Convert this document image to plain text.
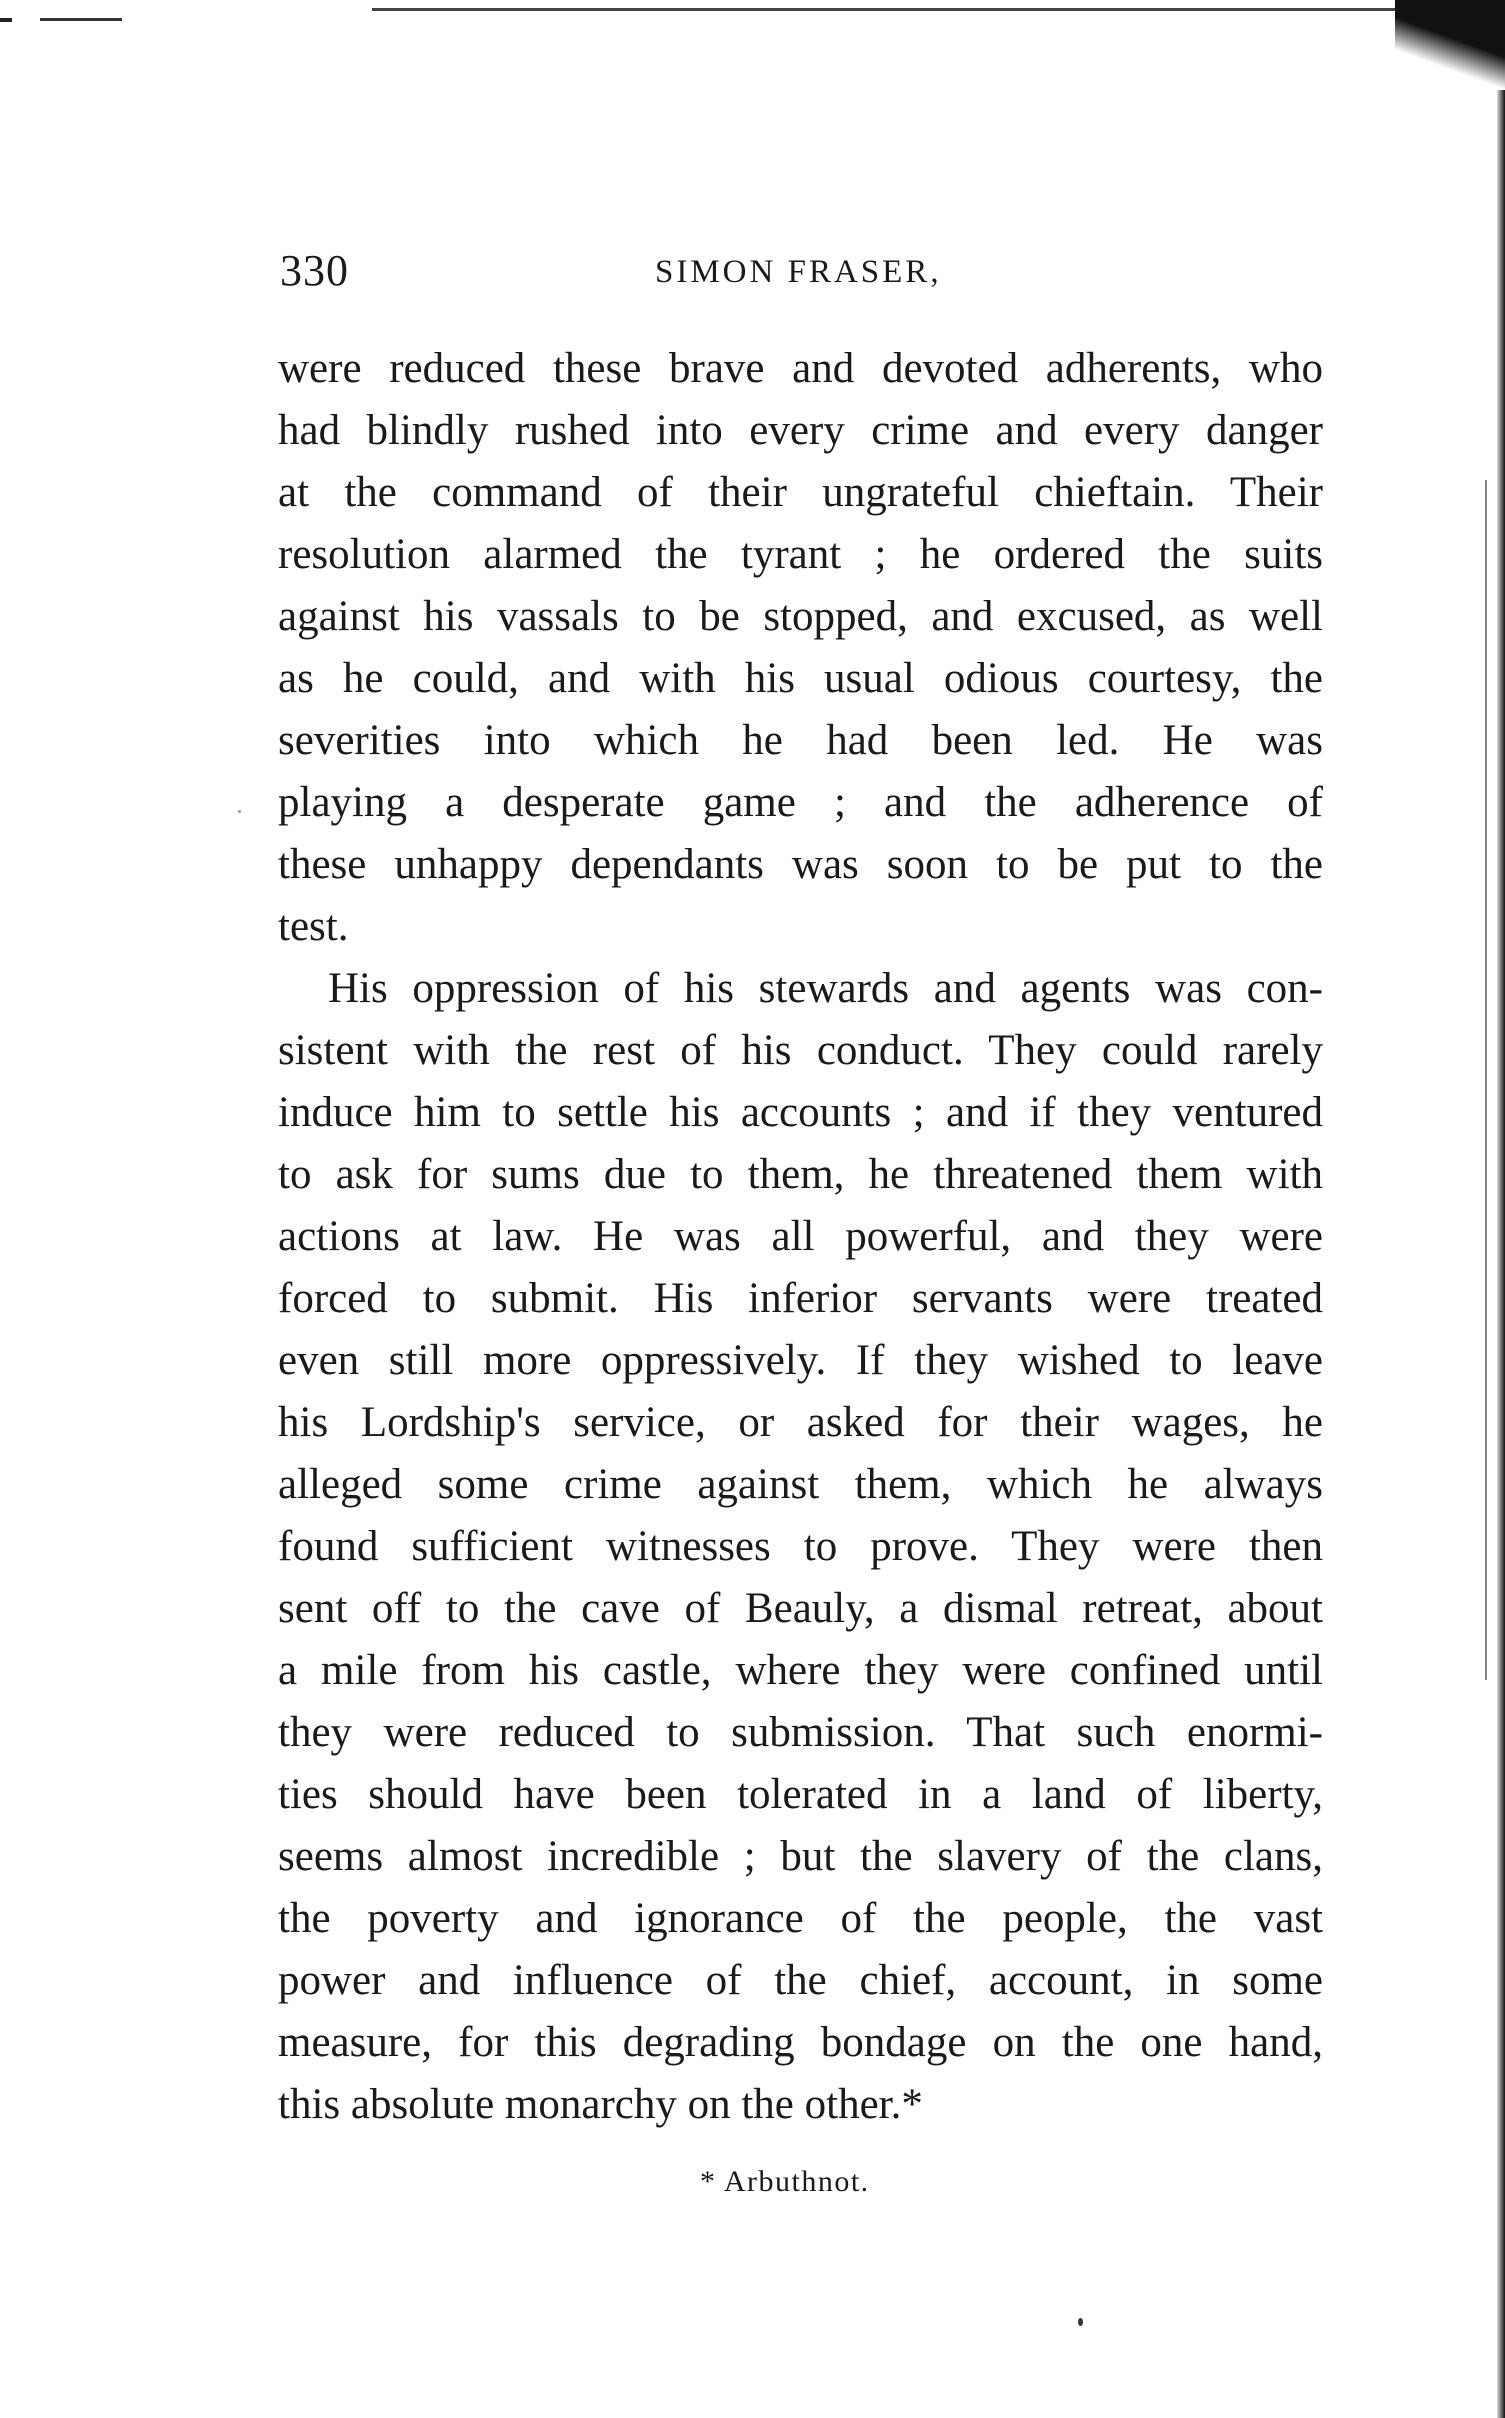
330	SIMON FRASER,
were reduced these brave and devoted adherents, who
had blindly rushed into every crime and every danger
at the command of their ungrateful chieftain. Their
resolution alarmed the tyrant ; he ordered the suits
against his vassals to be stopped, and excused, as well
as he could, and with his usual odious courtesy, the
severities into which he had been led. He was
playing a desperate game ; and the adherence of
these unhappy dependants was soon to be put to the
test.
His oppression of his stewards and agents was con-
sistent with the rest of his conduct. They could rarely
induce him to settle his accounts ; and if they ventured
to ask for sums due to them, he threatened them with
actions at law. He was all powerful, and they were
forced to submit. His inferior servants were treated
even still more oppressively. If they wished to leave
his Lordship's service, or asked for their wages, he
alleged some crime against them, which he always
found sufficient witnesses to prove. They were then
sent off to the cave of Beauly, a dismal retreat, about
a mile from his castle, where they were confined until
they were reduced to submission. That such enormi-
ties should have been tolerated in a land of liberty,
seems almost incredible ; but the slavery of the clans,
the poverty and ignorance of the people, the vast
power and influence of the chief, account, in some
measure, for this degrading bondage on the one hand,
this absolute monarchy on the other.*
* Arbuthnot.
